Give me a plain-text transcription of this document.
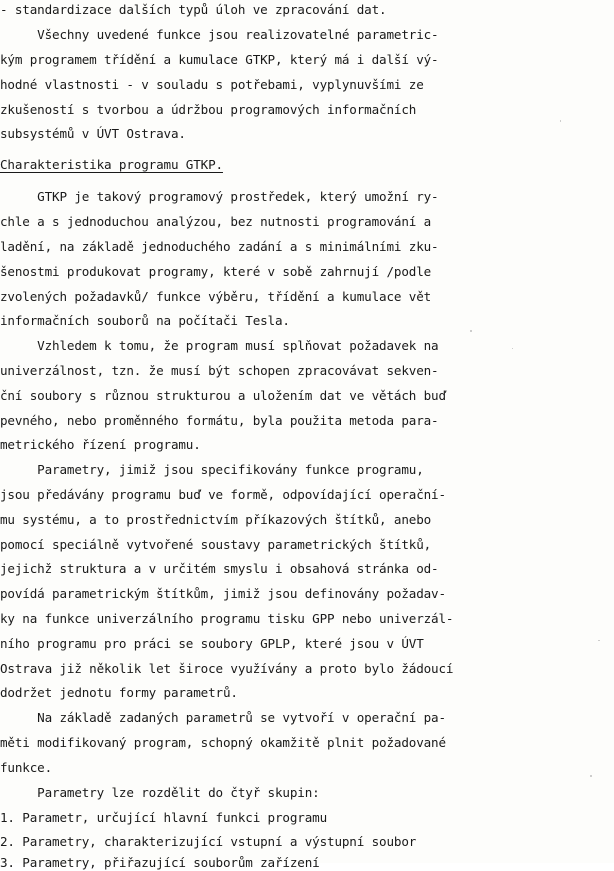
- standardizace dalších typů úloh ve zpracování dat.
Všechny uvedené funkce jsou realizovatelné parametric-
kým programem třídění a kumulace GTKP, který má i další vý-
hodné vlastnosti - v souladu s potřebami, vyplynuvšími ze
zkušeností s tvorbou a údržbou programových informačních
subsystémů v ÚVT Ostrava.
Charakteristika programu GTKP.
GTKP je takový programový prostředek, který umožní ry-
chle a s jednoduchou analýzou, bez nutnosti programování a
ladění, na základě jednoduchého zadání a s minimálními zku-
šenostmi produkovat programy, které v sobě zahrnují /podle
zvolených požadavků/ funkce výběru, třídění a kumulace vět
informačních souborů na počítači Tesla.
Vzhledem k tomu, že program musí splňovat požadavek na
univerzálnost, tzn. že musí být schopen zpracovávat sekven-
ční soubory s různou strukturou a uložením dat ve větách buď
pevného, nebo proměnného formátu, byla použita metoda para-
metrického řízení programu.
Parametry, jimiž jsou specifikovány funkce programu,
jsou předávány programu buď ve formě, odpovídající operační-
mu systému, a to prostřednictvím příkazových štítků, anebo
pomocí speciálně vytvořené soustavy parametrických štítků,
jejichž struktura a v určitém smyslu i obsahová stránka od-
povídá parametrickým štítkům, jimiž jsou definovány požadav-
ky na funkce univerzálního programu tisku GPP nebo univerzál-
ního programu pro práci se soubory GPLP, které jsou v ÚVT
Ostrava již několik let široce využívány a proto bylo žádoucí
dodržet jednotu formy parametrů.
Na základě zadaných parametrů se vytvoří v operační pa-
měti modifikovaný program, schopný okamžitě plnit požadované
funkce.
Parametry lze rozdělit do čtyř skupin:
1. Parametr, určující hlavní funkci programu
2. Parametry, charakterizující vstupní a výstupní soubor
3. Parametry, přiřazující souborům zařízení
